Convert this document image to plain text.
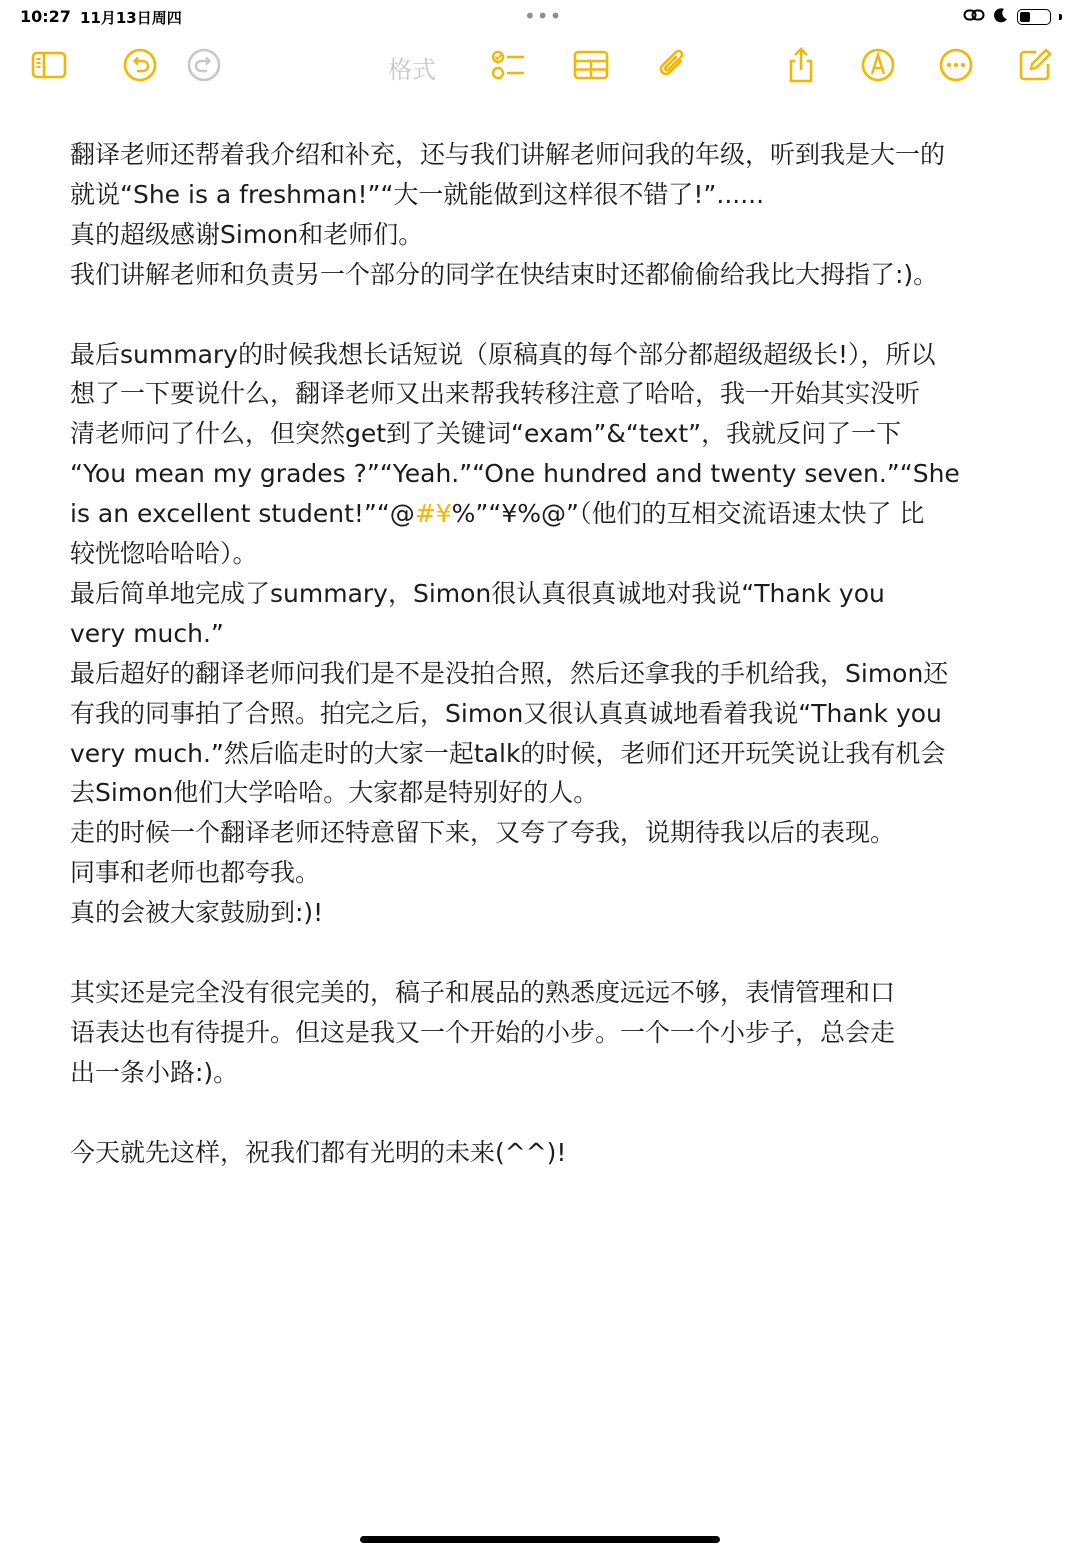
10:27 11月13日周四	•••
格式
翻译老师还帮着我介绍和补充，还与我们讲解老师问我的年级，听到我是大一的
就说“She is a freshman!”“大一就能做到这样很不错了!”......
真的超级感谢Simon和老师们。
我们讲解老师和负责另一个部分的同学在快结束时还都偷偷给我比大拇指了:)。
最后summary的时候我想长话短说（原稿真的每个部分都超级超级长!），所以
想了一下要说什么，翻译老师又出来帮我转移注意了哈哈，我一开始其实没听
清老师问了什么，但突然get到了关键词“exam”&“text”，我就反问了一下
“You mean my grades ?”“Yeah.”“One hundred and twenty seven.”“She
is an excellent student!”“@#¥%”“¥%@”（他们的互相交流语速太快了 比
较恍惚哈哈哈）。
最后简单地完成了summary，Simon很认真很真诚地对我说“Thank you
very much.”
最后超好的翻译老师问我们是不是没拍合照，然后还拿我的手机给我，Simon还
有我的同事拍了合照。拍完之后，Simon又很认真真诚地看着我说“Thank you
very much.”然后临走时的大家一起talk的时候，老师们还开玩笑说让我有机会
去Simon他们大学哈哈。大家都是特别好的人。
走的时候一个翻译老师还特意留下来，又夸了夸我，说期待我以后的表现。
同事和老师也都夸我。
真的会被大家鼓励到:)!
其实还是完全没有很完美的，稿子和展品的熟悉度远远不够，表情管理和口
语表达也有待提升。但这是我又一个开始的小步。一个一个小步子，总会走
出一条小路:)。
今天就先这样，祝我们都有光明的未来(^^)!
